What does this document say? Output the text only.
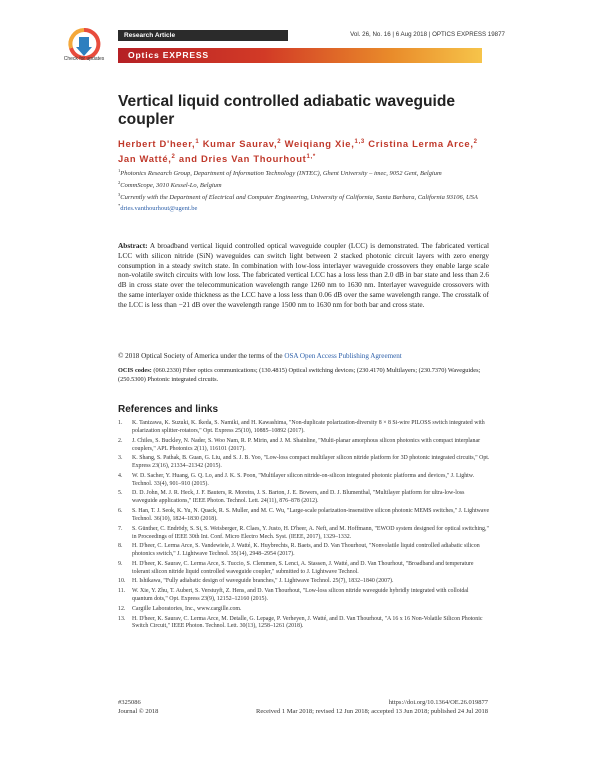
Check for updates
Research Article	Vol. 26, No. 16 | 6 Aug 2018 | OPTICS EXPRESS 19877
Optics EXPRESS
Vertical liquid controlled adiabatic waveguide coupler
Herbert D'heer,$^1$ Kumar Saurav,$^2$ Weiqiang Xie,$^{1,3}$ Cristina Lerma Arce,$^2$ Jan Watté,$^2$ and Dries Van Thourhout$^{1,*}$

$^1$Photonics Research Group, Department of Information Technology (INTEC), Ghent University – imec, 9052 Gent, Belgium

$^2$CommScope, 3010 Kessel-Lo, Belgium

$^3$Currently with the Department of Electrical and Computer Engineering, University of California, Santa Barbara, California 93106, USA

*dries.vanthourhout@ugent.be

Abstract: A broadband vertical liquid controlled optical waveguide coupler (LCC) is demonstrated. The fabricated vertical LCC with silicon nitride (SiN) waveguides can switch light between 2 stacked photonic circuit layers with zero energy consumption in a steady switch state. In combination with low-loss interlayer waveguide crossovers they enable large scale non-volatile switch circuits with low loss. The fabricated vertical LCC has a loss less than 2.0 dB in bar state and less than 2.6 dB in cross state over the telecommunication wavelength range 1260 nm to 1630 nm. Interlayer waveguide crossovers with the same interlayer oxide thickness as the LCC have a loss less than 0.06 dB over the same wavelength range. The crosstalk of the LCC is less than −21 dB over the wavelength range 1500 nm to 1630 nm for both bar and cross state.
© 2018 Optical Society of America under the terms of the OSA Open Access Publishing Agreement
OCIS codes: (060.2330) Fiber optics communications; (130.4815) Optical switching devices; (230.4170) Multilayers; (230.7370) Waveguides; (250.5300) Photonic integrated circuits.
References and links
1. K. Tanizawa, K. Suzuki, K. Ikeda, S. Namiki, and H. Kawashima, "Non-duplicate polarization-diversity 8 × 8 Si-wire PILOSS switch integrated with polarization splitter-rotators," Opt. Express 25(10), 10885–10892 (2017).
2. J. Chiles, S. Buckley, N. Nader, S. Woo Nam, R. P. Mirin, and J. M. Shainline, "Multi-planar amorphous silicon photonics with compact interplanar couplers," APL Photonics 2(11), 116101 (2017).
3. K. Shang, S. Pathak, B. Guan, G. Liu, and S. J. B. Yoo, "Low-loss compact multilayer silicon nitride platform for 3D photonic integrated circuits," Opt. Express 23(16), 21334–21342 (2015).
4. W. D. Sacher, Y. Huang, G. Q. Lo, and J. K. S. Poon, "Multilayer silicon nitride-on-silicon integrated photonic platforms and devices," J. Lightw. Technol. 33(4), 901–910 (2015).
5. D. D. John, M. J. R. Heck, J. F. Bauters, R. Moreira, J. S. Barton, J. E. Bowers, and D. J. Blumenthal, "Multilayer platform for ultra-low-loss waveguide applications," IEEE Photon. Technol. Lett. 24(11), 876–878 (2012).
6. S. Han, T. J. Seok, K. Yu, N. Quack, R. S. Muller, and M. C. Wu, "Large-scale polarization-insensitive silicon photonic MEMS switches," J. Lightwave Technol. 36(10), 1824–1830 (2018).
7. S. Günther, C. Endrödy, S. Si, S. Weisberger, R. Claes, Y. Justo, H. D'heer, A. Neft, and M. Hoffmann, "EWOD system designed for optical switching," in Proceedings of IEEE 30th Int. Conf. Micro Electro Mech. Syst. (IEEE, 2017), 1329–1332.
8. H. D'heer, C. Lerma Arce, S. Vandewiele, J. Watté, K. Huybrechts, R. Baets, and D. Van Thourhout, "Nonvolatile liquid controlled adiabatic silicon photonics switch," J. Lightwave Technol. 35(14), 2948–2954 (2017).
9. H. D'heer, K. Saurav, C. Lerma Arce, S. Tuccio, S. Clemmen, S. Lenci, A. Stassen, J. Watté, and D. Van Thourhout, "Broadband and temperature tolerant silicon nitride liquid controlled waveguide coupler," submitted to J. Lightwave Technol.
10. H. Ishikawa, "Fully adiabatic design of waveguide branches," J. Lightwave Technol. 25(7), 1832–1840 (2007).
11. W. Xie, Y. Zhu, T. Aubert, S. Verstuyft, Z. Hens, and D. Van Thourhout, "Low-loss silicon nitride waveguide hybridly integrated with colloidal quantum dots," Opt. Express 23(9), 12152–12160 (2015).
12. Cargille Laboratories, Inc., www.cargille.com.
13. H. D'heer, K. Saurav, C. Lerma Arce, M. Detalle, G. Lepage, P. Verheyen, J. Watté, and D. Van Thourhout, "A 16 x 16 Non-Volatile Silicon Photonic Switch Circuit," IEEE Photon. Technol. Lett. 30(13), 1258–1261 (2018).
#325086
Journal © 2018
https://doi.org/10.1364/OE.26.019877
Received 1 Mar 2018; revised 12 Jun 2018; accepted 13 Jun 2018; published 24 Jul 2018
